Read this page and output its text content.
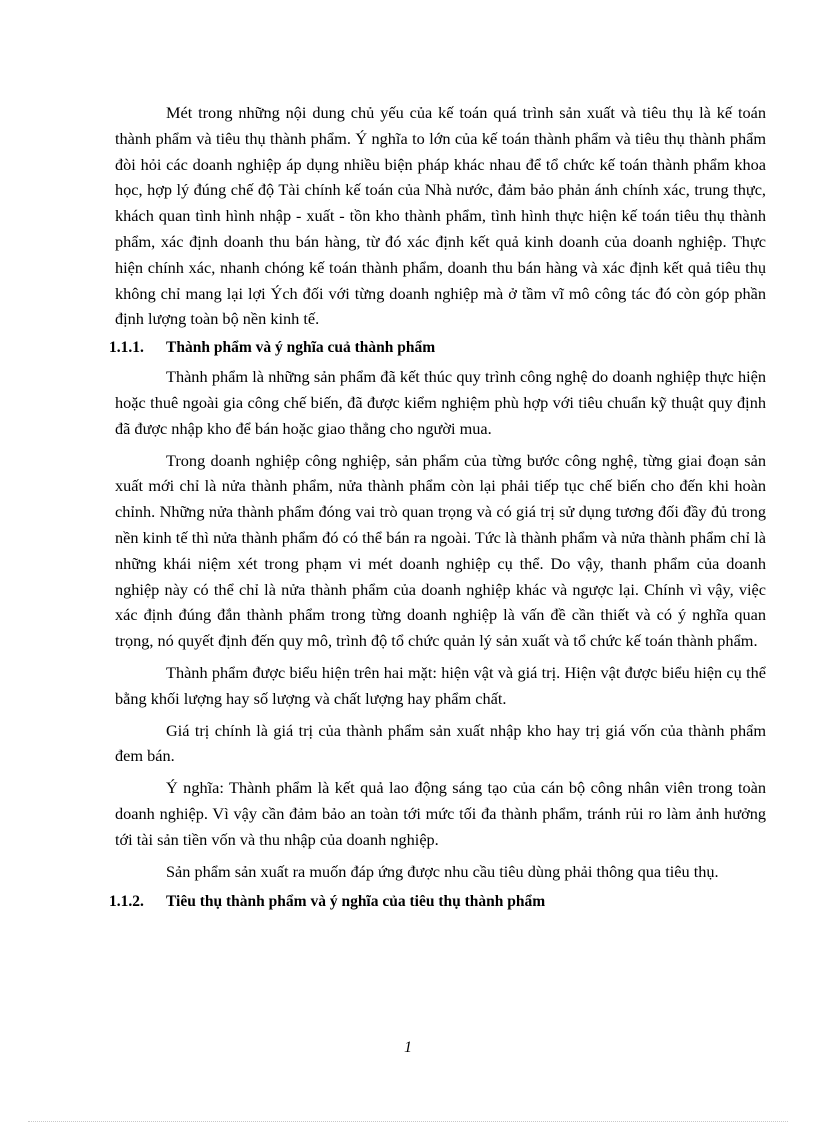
Mét trong những nội dung chủ yếu của kế toán quá trình sản xuất và tiêu thụ là kế toán thành phẩm và tiêu thụ thành phẩm. Ý nghĩa to lớn của kế toán thành phẩm và tiêu thụ thành phẩm đòi hỏi các doanh nghiệp áp dụng nhiều biện pháp khác nhau để tổ chức kế toán thành phẩm khoa học, hợp lý đúng chế độ Tài chính kế toán của Nhà nước, đảm bảo phản ánh chính xác, trung thực, khách quan tình hình nhập - xuất - tồn kho thành phẩm, tình hình thực hiện kế toán tiêu thụ thành phẩm, xác định doanh thu bán hàng, từ đó xác định kết quả kinh doanh của doanh nghiệp. Thực hiện chính xác, nhanh chóng kế toán thành phẩm, doanh thu bán hàng và xác định kết quả tiêu thụ không chỉ mang lại lợi Ých đối với từng doanh nghiệp mà ở tầm vĩ mô công tác đó còn góp phần định lượng toàn bộ nền kinh tế.

1.1.1.	Thành phẩm và ý nghĩa cuả thành phẩm

Thành phẩm là những sản phẩm đã kết thúc quy trình công nghệ do doanh nghiệp thực hiện hoặc thuê ngoài gia công chế biến, đã được kiểm nghiệm phù hợp với tiêu chuẩn kỹ thuật quy định đã được nhập kho để bán hoặc giao thẳng cho người mua.

Trong doanh nghiệp công nghiệp, sản phẩm của từng bước công nghệ, từng giai đoạn sản xuất mới chỉ là nửa thành phẩm, nửa thành phẩm còn lại phải tiếp tục chế biến cho đến khi hoàn chỉnh. Những nửa thành phẩm đóng vai trò quan trọng và có giá trị sử dụng tương đối đầy đủ trong nền kinh tế thì nửa thành phẩm đó có thể bán ra ngoài. Tức là thành phẩm và nửa thành phẩm chỉ là những khái niệm xét trong phạm vi mét doanh nghiệp cụ thể. Do vậy, thanh phẩm của doanh nghiệp này có thể chỉ là nửa thành phẩm của doanh nghiệp khác và ngược lại. Chính vì vậy, việc xác định đúng đắn thành phẩm trong từng doanh nghiệp là vấn đề cần thiết và có ý nghĩa quan trọng, nó quyết định đến quy mô, trình độ tổ chức quản lý sản xuất và tổ chức kế toán thành phẩm.

Thành phẩm được biểu hiện trên hai mặt: hiện vật và giá trị. Hiện vật được biểu hiện cụ thể bằng khối lượng hay số lượng và chất lượng hay phẩm chất.

Giá trị chính là giá trị của thành phẩm sản xuất nhập kho hay trị giá vốn của thành phẩm đem bán.

Ý nghĩa: Thành phẩm là kết quả lao động sáng tạo của cán bộ công nhân viên trong toàn doanh nghiệp. Vì vậy cần đảm bảo an toàn tới mức tối đa thành phẩm, tránh rủi ro làm ảnh hưởng tới tài sản tiền vốn và thu nhập của doanh nghiệp.

Sản phẩm sản xuất ra muốn đáp ứng được nhu cầu tiêu dùng phải thông qua tiêu thụ.

1.1.2.	Tiêu thụ thành phẩm và ý nghĩa của tiêu thụ thành phẩm
1
